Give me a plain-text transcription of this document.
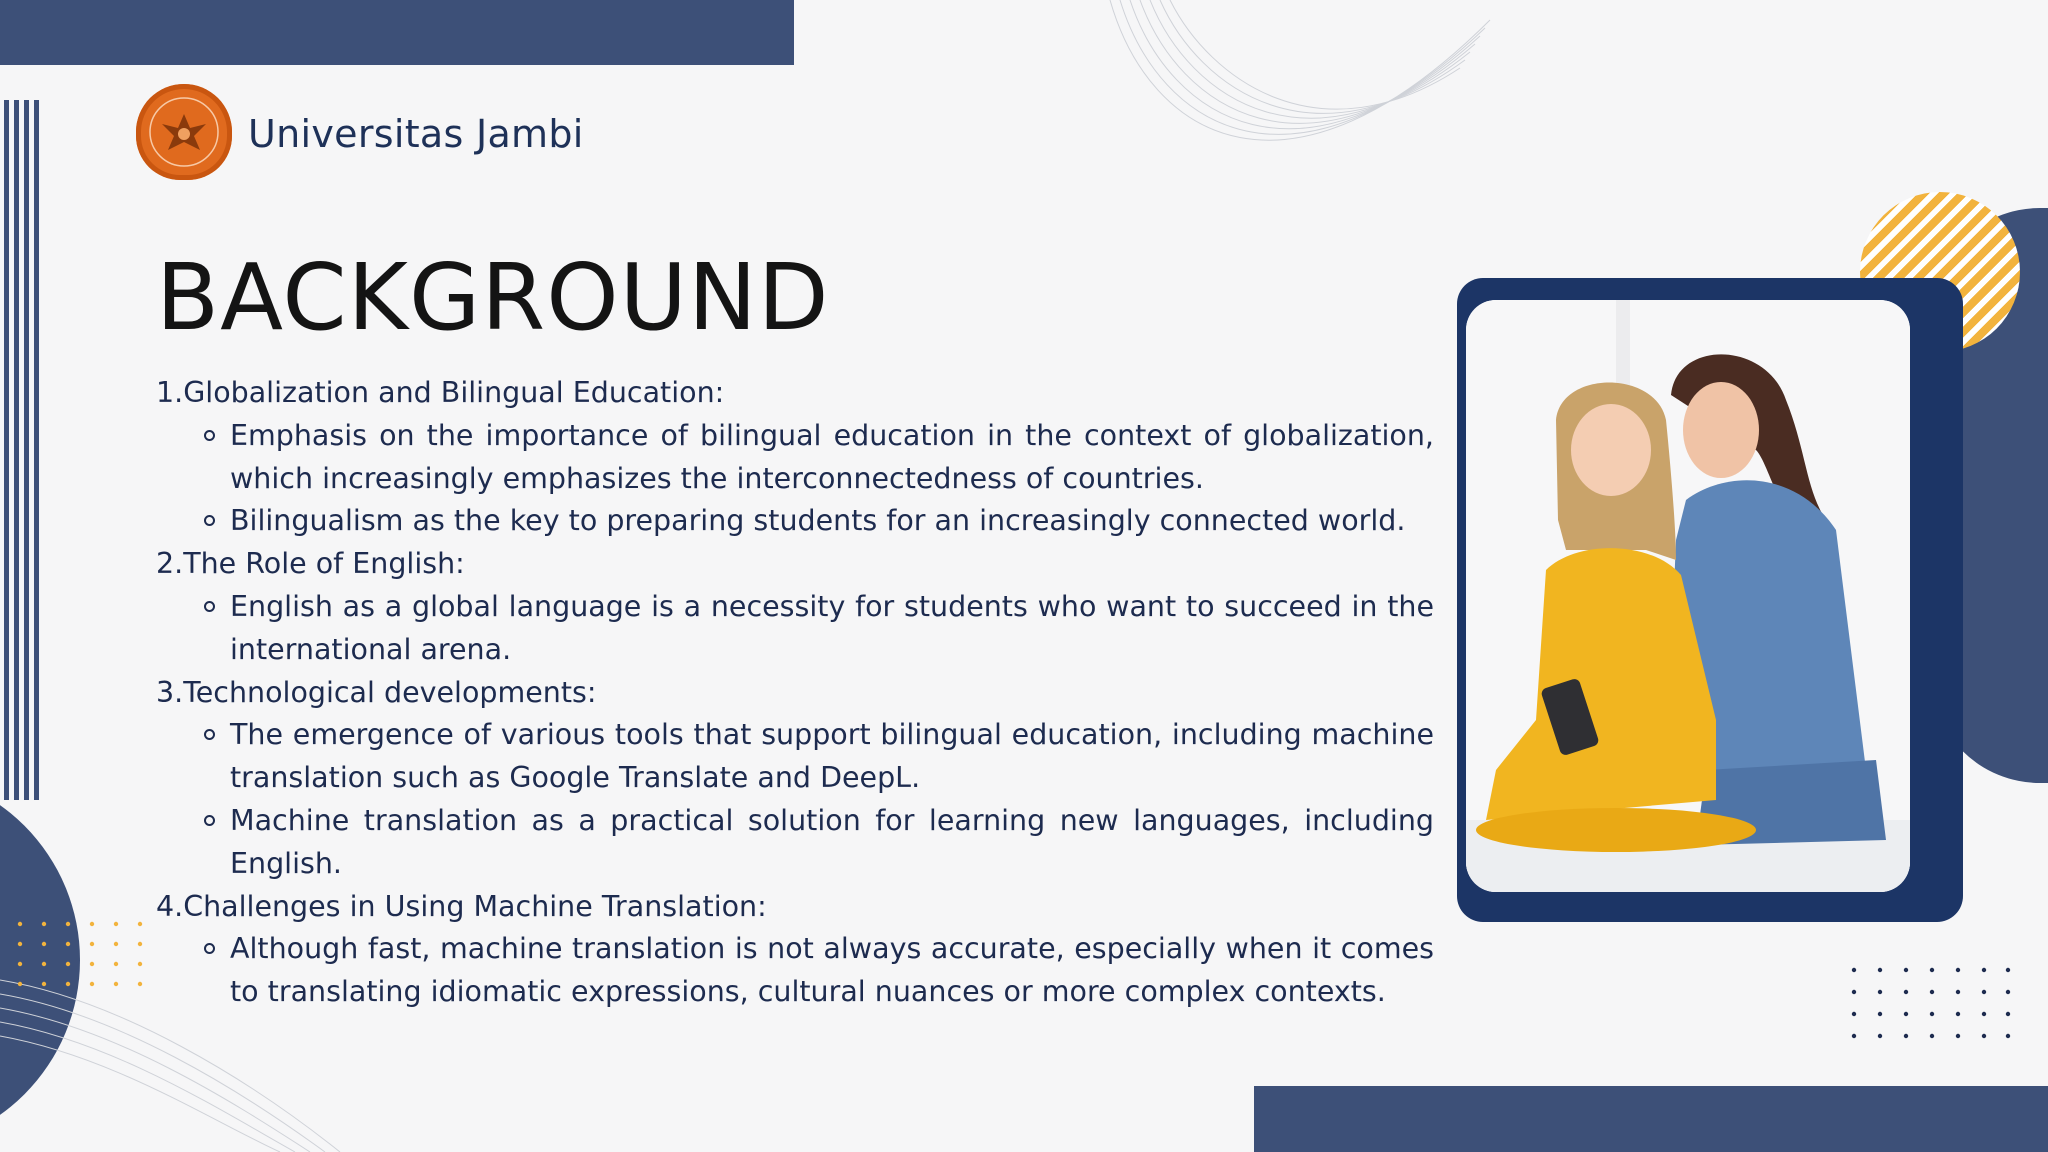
Universitas Jambi
BACKGROUND

1.Globalization and Bilingual Education:

Emphasis on the importance of bilingual education in the context of globalization, which increasingly emphasizes the interconnectedness of countries.
Bilingualism as the key to preparing students for an increasingly connected world.

2.The Role of English:

English as a global language is a necessity for students who want to succeed in the international arena.

3.Technological developments:

The emergence of various tools that support bilingual education, including machine translation such as Google Translate and DeepL.
Machine translation as a practical solution for learning new languages, including English.

4.Challenges in Using Machine Translation:

Although fast, machine translation is not always accurate, especially when it comes to translating idiomatic expressions, cultural nuances or more complex contexts.
